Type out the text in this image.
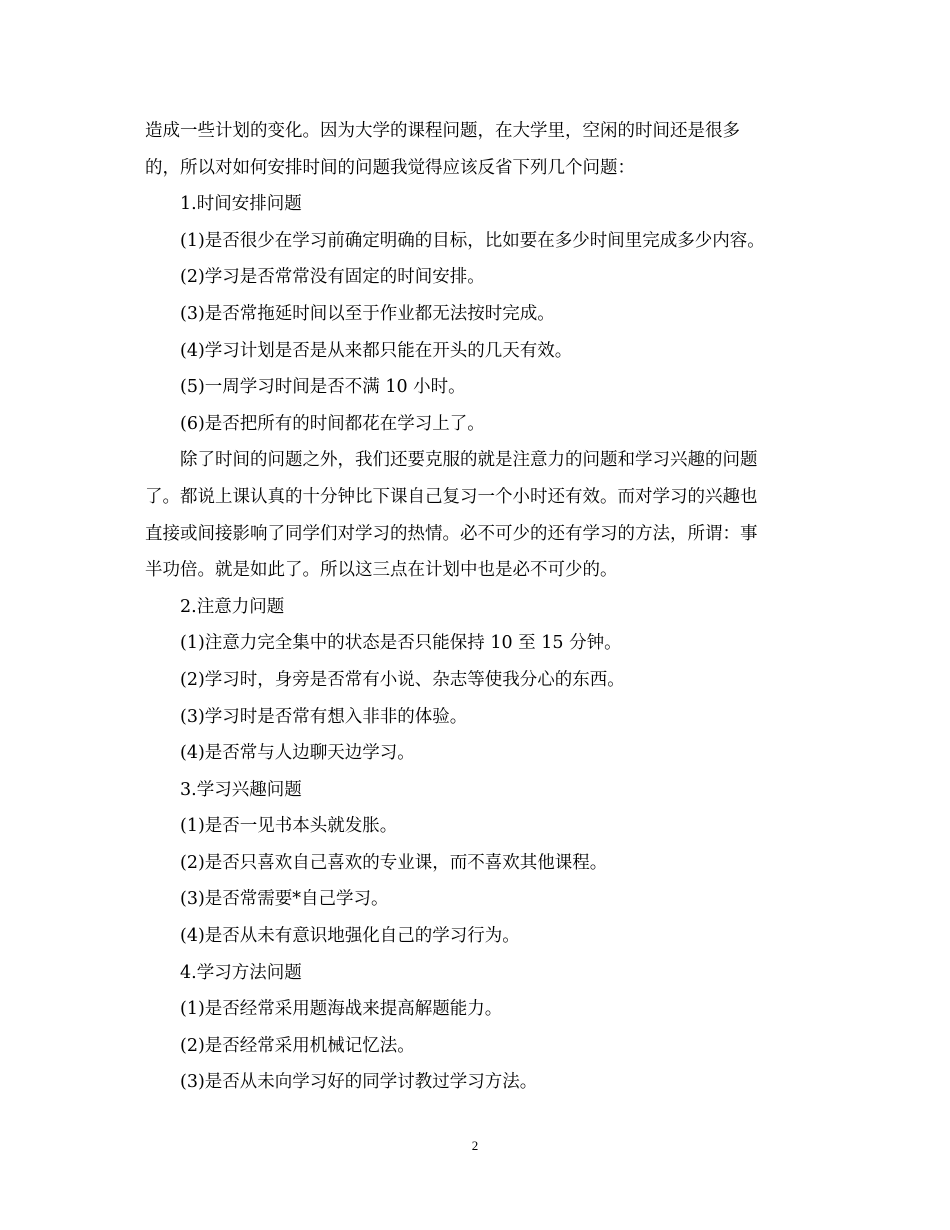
造成一些计划的变化。因为大学的课程问题，在大学里，空闲的时间还是很多
的，所以对如何安排时间的问题我觉得应该反省下列几个问题：
1.时间安排问题
(1)是否很少在学习前确定明确的目标，比如要在多少时间里完成多少内容。
(2)学习是否常常没有固定的时间安排。
(3)是否常拖延时间以至于作业都无法按时完成。
(4)学习计划是否是从来都只能在开头的几天有效。
(5)一周学习时间是否不满 10 小时。
(6)是否把所有的时间都花在学习上了。
除了时间的问题之外，我们还要克服的就是注意力的问题和学习兴趣的问题
了。都说上课认真的十分钟比下课自己复习一个小时还有效。而对学习的兴趣也
直接或间接影响了同学们对学习的热情。必不可少的还有学习的方法，所谓：事
半功倍。就是如此了。所以这三点在计划中也是必不可少的。
2.注意力问题
(1)注意力完全集中的状态是否只能保持 10 至 15 分钟。
(2)学习时，身旁是否常有小说、杂志等使我分心的东西。
(3)学习时是否常有想入非非的体验。
(4)是否常与人边聊天边学习。
3.学习兴趣问题
(1)是否一见书本头就发胀。
(2)是否只喜欢自己喜欢的专业课，而不喜欢其他课程。
(3)是否常需要*自己学习。
(4)是否从未有意识地强化自己的学习行为。
4.学习方法问题
(1)是否经常采用题海战来提高解题能力。
(2)是否经常采用机械记忆法。
(3)是否从未向学习好的同学讨教过学习方法。
2
